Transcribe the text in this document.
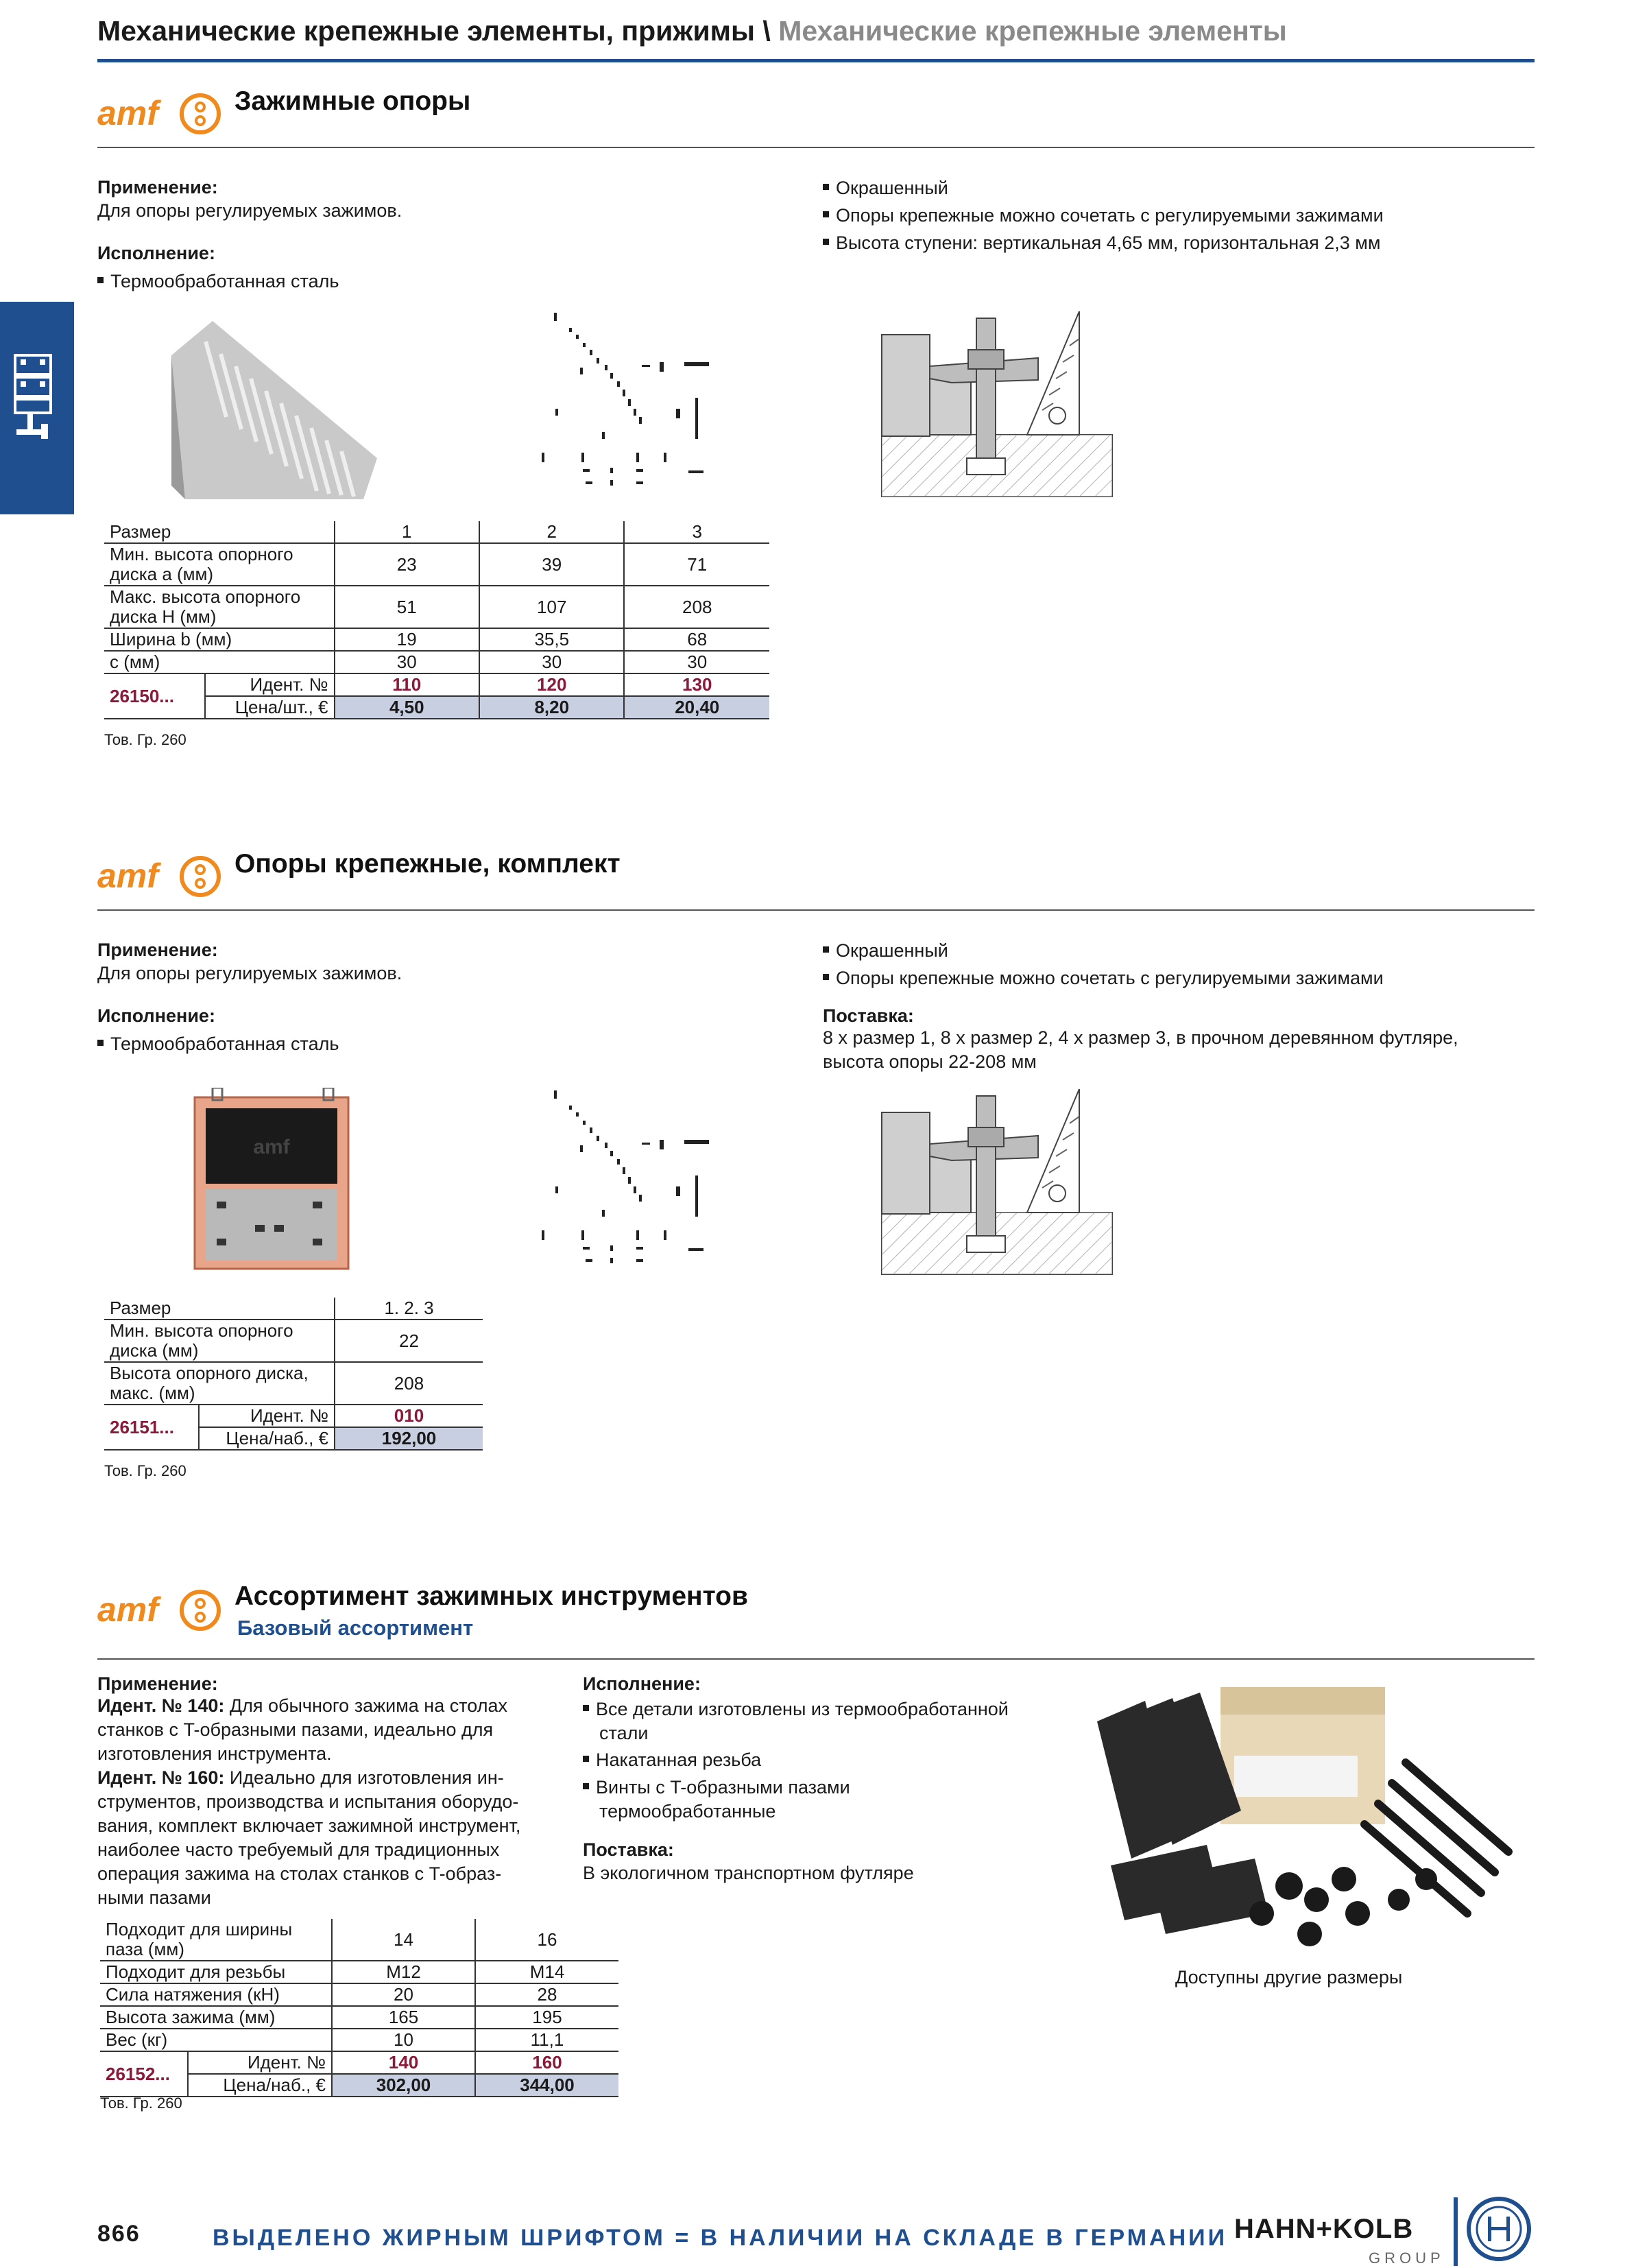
Механические крепежные элементы, прижимы \ Механические крепежные элементы
amf	Зажимные опоры
Применение:
Для опоры регулируемых зажимов.
Исполнение:
Термообработанная сталь
Окрашенный
Опоры крепежные можно сочетать с регулируемыми зажимами
Высота ступени: вертикальная 4,65 мм, горизонтальная 2,3 мм
Размер		1	2	3
Мин. высота опорного диска а (мм)		23	39	71
Макс. высота опорного диска H (мм)		51	107	208
Ширина b (мм)		19	35,5	68
c (мм)		30	30	30
26150...	Идент. №	110	120	130
	Цена/шт., €	4,50	8,20	20,40
Тов. Гр. 260
amf	Опоры крепежные, комплект
Применение:
Для опоры регулируемых зажимов.
Исполнение:
Термообработанная сталь
Окрашенный
Опоры крепежные можно сочетать с регулируемыми зажимами
Поставка:
8 x размер 1, 8 x размер 2, 4 x размер 3, в прочном деревянном футляре,
высота опоры 22-208 мм
amf
Размер		1. 2. 3
Мин. высота опорного диска (мм)		22
Высота опорного диска, макс. (мм)		208
26151...	Идент. №	010
	Цена/наб., €	192,00
Тов. Гр. 260
amf	Ассортимент зажимных инструментов
Базовый ассортимент
Применение:
Идент. № 140: Для обычного зажима на столах
станков с T-образными пазами, идеально для
изготовления инструмента.
Идент. № 160: Идеально для изготовления ин-
струментов, производства и испытания оборудо-
вания, комплект включает зажимной инструмент,
наиболее часто требуемый для традиционных
операция зажима на столах станков с T-образ-
ными пазами
Исполнение:
Все детали изготовлены из термообработанной
стали
Накатанная резьба
Винты с T-образными пазами
термообработанные
Поставка:
В экологичном транспортном футляре
Доступны другие размеры
Подходит для ширины паза (мм)		14	16
Подходит для резьбы		M12	M14
Сила натяжения (кН)		20	28
Высота зажима (мм)		165	195
Вес (кг)		10	11,1
26152...	Идент. №	140	160
	Цена/наб., €	302,00	344,00
Тов. Гр. 260
866	ВЫДЕЛЕНО ЖИРНЫМ ШРИФТОМ = В НАЛИЧИИ НА СКЛАДЕ В ГЕРМАНИИ HAHN+KOLB
GROUP
